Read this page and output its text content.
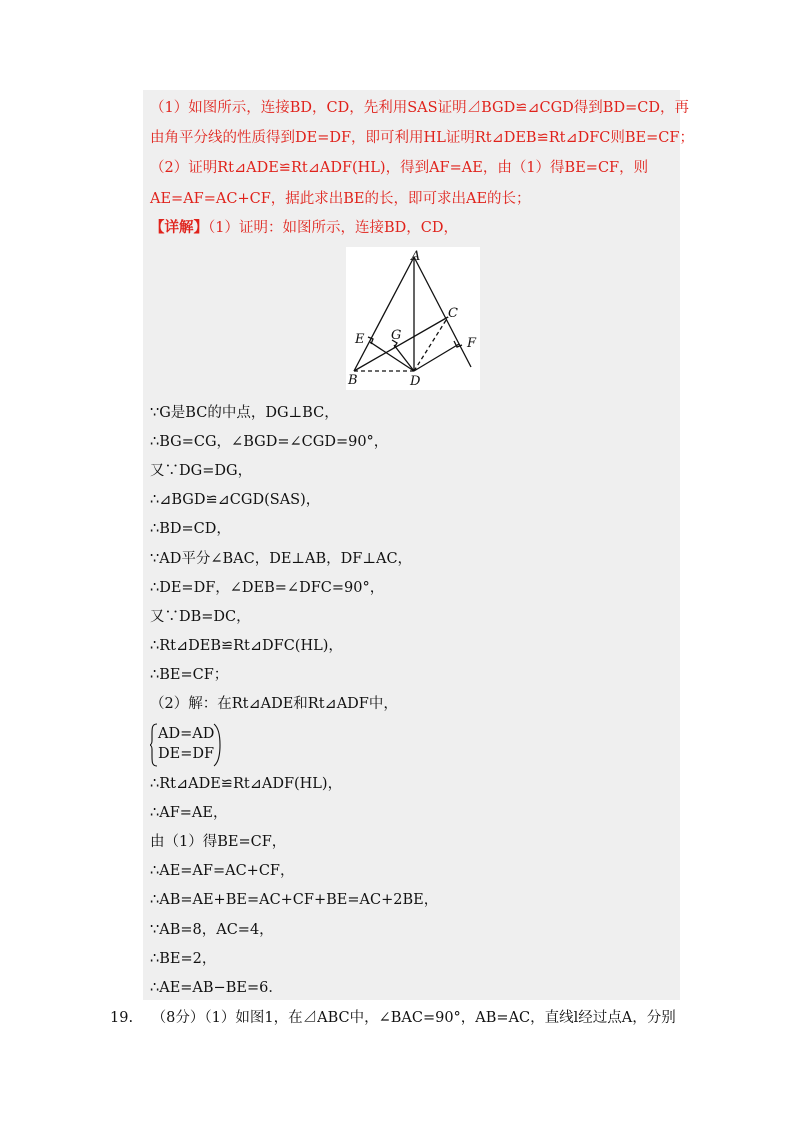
（1）如图所示，连接BD，CD，先利用SAS证明⊿BGD≌⊿CGD得到BD=CD，再
由角平分线的性质得到DE=DF，即可利用HL证明Rt⊿DEB≌Rt⊿DFC则BE=CF；
（2）证明Rt⊿ADE≌Rt⊿ADF(HL)，得到AF=AE，由（1）得BE=CF，则
AE=AF=AC+CF，据此求出BE的长，即可求出AE的长；
【详解】（1）证明：如图所示，连接BD，CD，
A
C
E G
F
B	D
∵G是BC的中点，DG⊥BC，
∴BG=CG，∠BGD=∠CGD=90°，
又∵DG=DG，
∴⊿BGD≌⊿CGD(SAS)，
∴BD=CD，
∵AD平分∠BAC，DE⊥AB，DF⊥AC，
∴DE=DF，∠DEB=∠DFC=90°，
又∵DB=DC，
∴Rt⊿DEB≌Rt⊿DFC(HL)，
∴BE=CF；
（2）解：在Rt⊿ADE和Rt⊿ADF中，
AD=AD
DE=DF
∴Rt⊿ADE≌Rt⊿ADF(HL)，
∴AF=AE，
由（1）得BE=CF，
∴AE=AF=AC+CF，
∴AB=AE+BE=AC+CF+BE=AC+2BE，
∵AB=8，AC=4，
∴BE=2，
∴AE=AB−BE=6．
19. （8分）（1）如图1，在⊿ABC中，∠BAC=90°，AB=AC，直线l经过点A，分别
